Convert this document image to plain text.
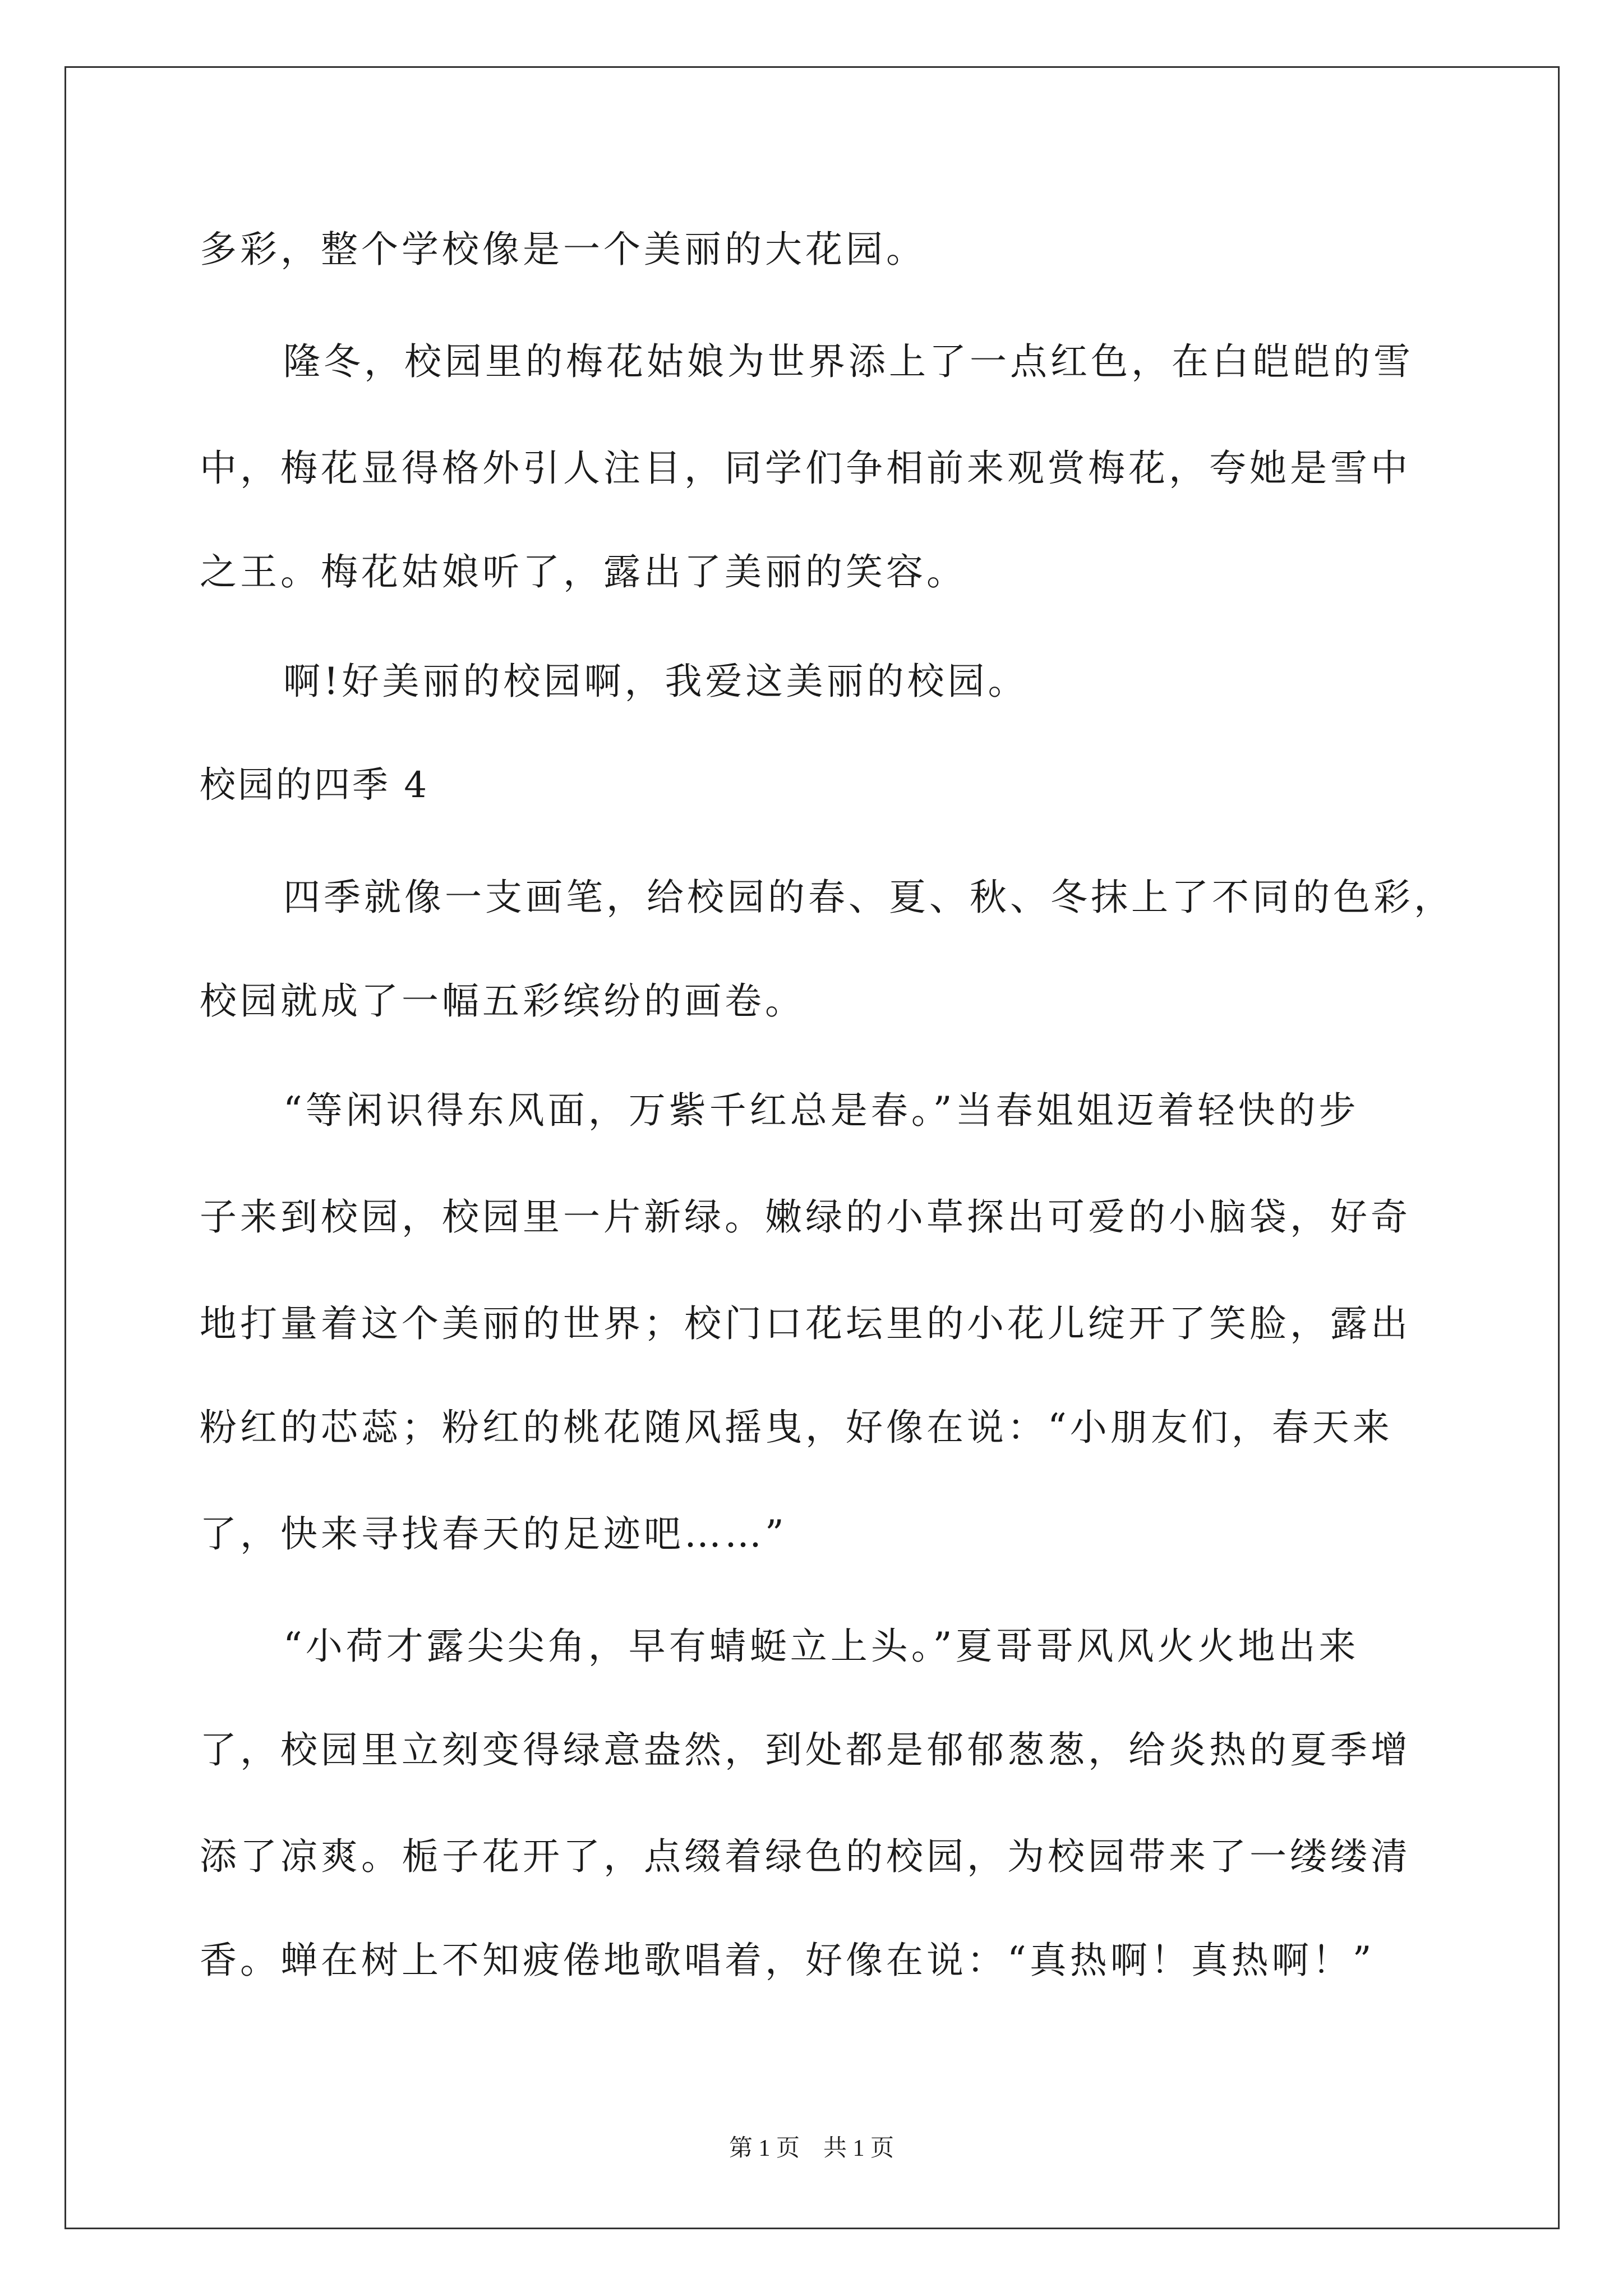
多彩，整个学校像是一个美丽的大花园。
隆冬，校园里的梅花姑娘为世界添上了一点红色，在白皑皑的雪
中，梅花显得格外引人注目，同学们争相前来观赏梅花，夸她是雪中
之王。梅花姑娘听了，露出了美丽的笑容。
啊!好美丽的校园啊，我爱这美丽的校园。
校园的四季 4
四季就像一支画笔，给校园的春、夏、秋、冬抹上了不同的色彩，
校园就成了一幅五彩缤纷的画卷。
“等闲识得东风面，万紫千红总是春。”当春姐姐迈着轻快的步
子来到校园，校园里一片新绿。嫩绿的小草探出可爱的小脑袋，好奇
地打量着这个美丽的世界；校门口花坛里的小花儿绽开了笑脸，露出
粉红的芯蕊；粉红的桃花随风摇曳，好像在说：“小朋友们，春天来
了，快来寻找春天的足迹吧……”
“小荷才露尖尖角，早有蜻蜓立上头。”夏哥哥风风火火地出来
了，校园里立刻变得绿意盎然，到处都是郁郁葱葱，给炎热的夏季增
添了凉爽。栀子花开了，点缀着绿色的校园，为校园带来了一缕缕清
香。蝉在树上不知疲倦地歌唱着，好像在说：“真热啊！真热啊！”
第 1 页　共 1 页
